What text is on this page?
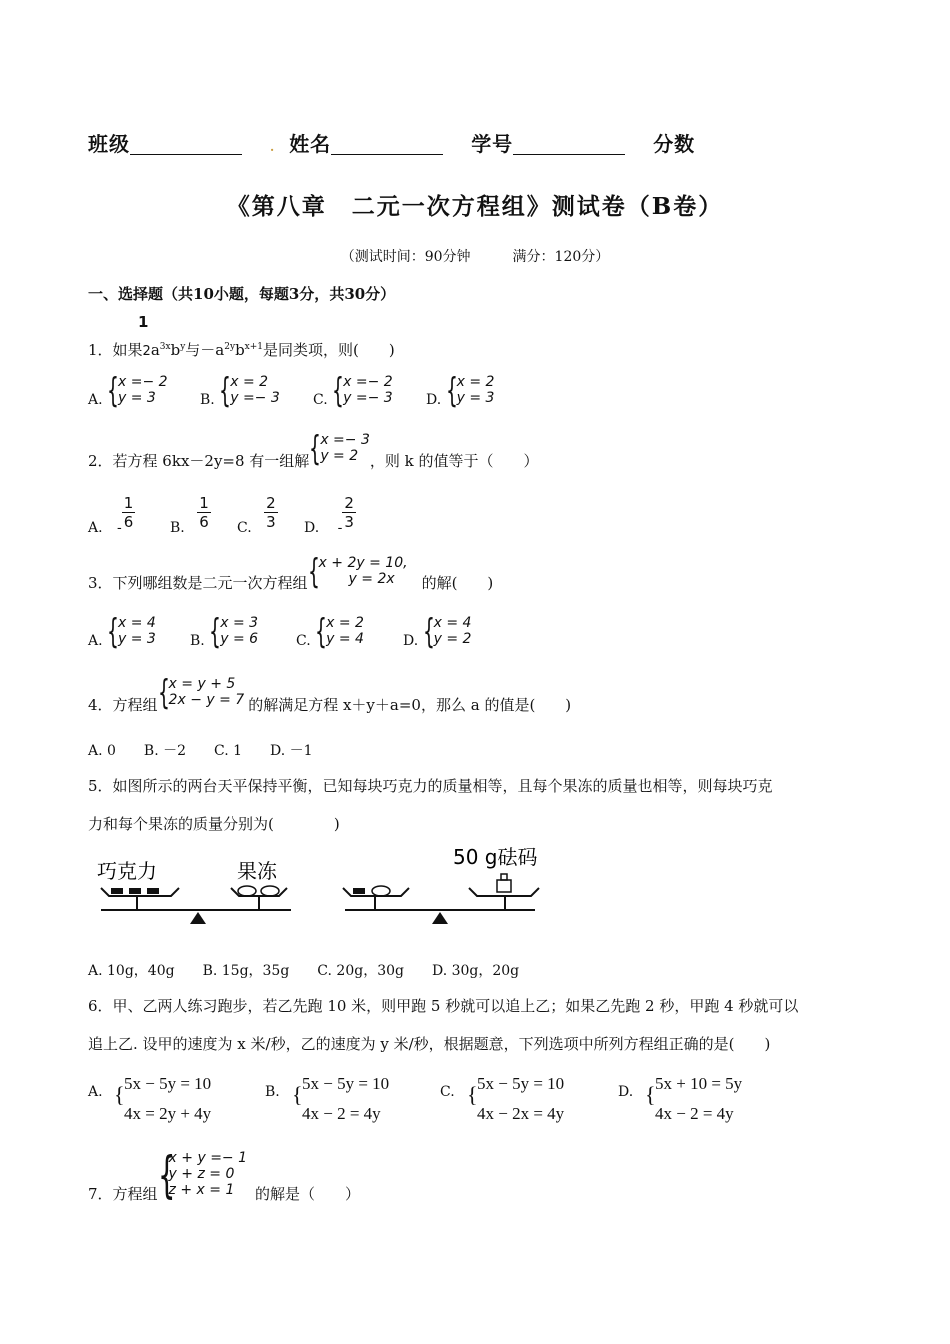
班级	. 姓名	学号	分数
《第八章　二元一次方程组》测试卷（B卷）
（测试时间：90分钟　　　满分：120分）
一、选择题（共10小题，每题3分，共30分）
1
1．如果$2a^{3x}b^y$与$-a^{2y}b^{x+1}$是同类项，则(　　)
A. { x =− 2
y = 3	B. { x = 2
y =− 3 C. { x =− 2
y =− 3 D. { x = 2
y = 3
2．若方程 6kx－2y=8 有一组解 { x =− 3
y = 2 ，则 k 的值等于（　　）
A. - $\frac{1}{6} B$. $\frac{1}{6} C$. $\frac{2}{3} D$. - $\frac{2}{3}$
3．下列哪组数是二元一次方程组 { x + 2y = 10,
y = 2x	的解(　　)
A. { x = 4
y = 3 B. { x = 3
y = 6	C. { x = 2
y = 4	D. { x = 4
y = 2
4．方程组 { x = y + 5
2x − y = 7 的解满足方程 x＋y＋a=0，那么 a 的值是(　　)
A. 0　　B. －2　　C. 1　　D. －1
5．如图所示的两台天平保持平衡，已知每块巧克力的质量相等，且每个果冻的质量也相等，则每块巧克
力和每个果冻的质量分别为(　　　　)
巧克力	果冻
50 g砝码
A. 10g，40g　　B. 15g，35g　　C. 20g，30g　　D. 30g，20g
6．甲、乙两人练习跑步，若乙先跑 10 米，则甲跑 5 秒就可以追上乙；如果乙先跑 2 秒，甲跑 4 秒就可以
追上乙. 设甲的速度为 x 米/秒，乙的速度为 y 米/秒，根据题意，下列选项中所列方程组正确的是(　　)
A. { 5x − 5y = 10
4x = 2y + 4y
B. { 5x − 5y = 10
4x − 2 = 4y
C. { 5x − 5y = 10
4x − 2x = 4y
D. { 5x + 10 = 5y
4x − 2 = 4y
7．方程组 {
x + y =− 1
y + z = 0
z + x = 1	的解是（　　）
